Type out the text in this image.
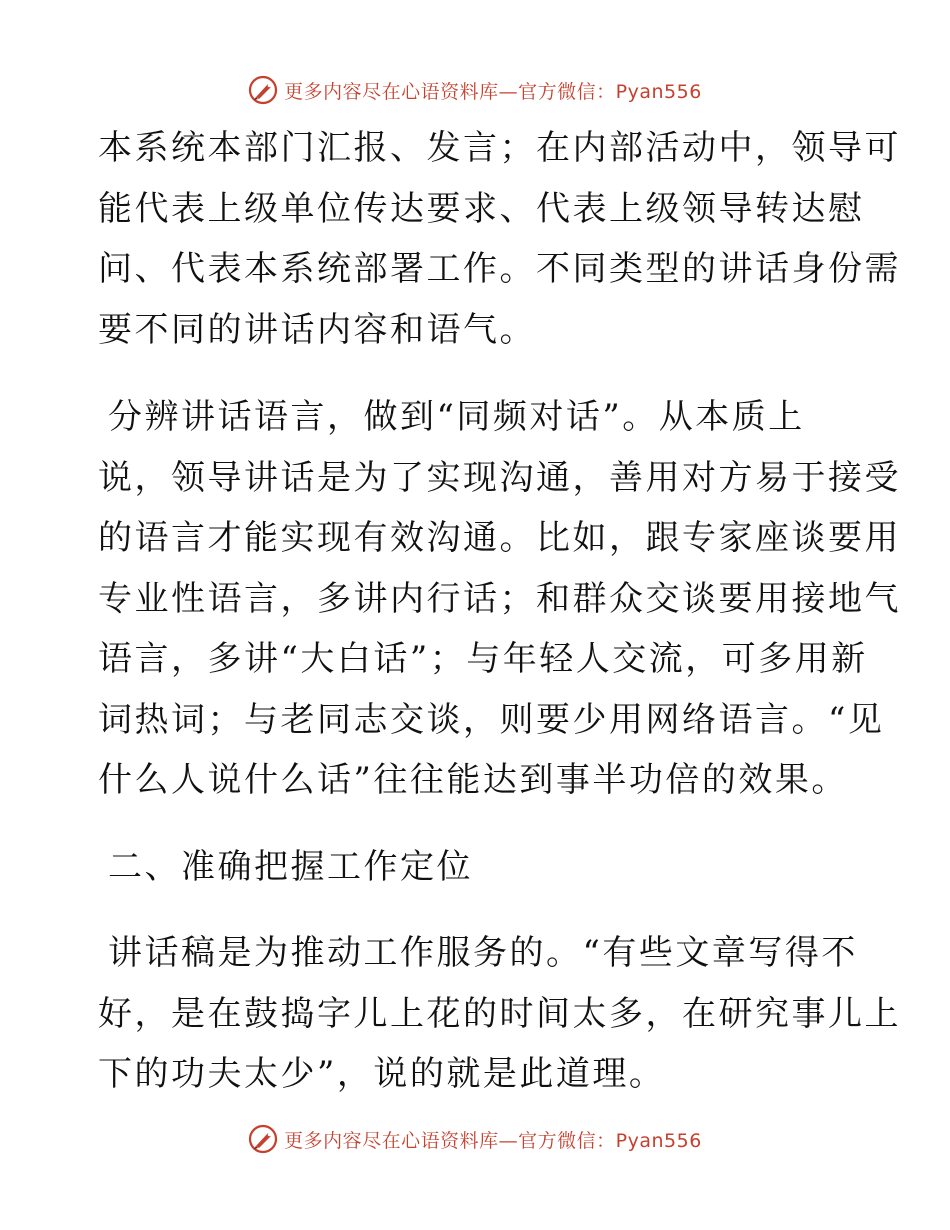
更多内容尽在心语资料库—官方微信：Pyan556
本系统本部门汇报、发言；在内部活动中，领导可
能代表上级单位传达要求、代表上级领导转达慰
问、代表本系统部署工作。不同类型的讲话身份需
要不同的讲话内容和语气。
分辨讲话语言，做到“同频对话”。从本质上
说，领导讲话是为了实现沟通，善用对方易于接受
的语言才能实现有效沟通。比如，跟专家座谈要用
专业性语言，多讲内行话；和群众交谈要用接地气
语言，多讲“大白话”；与年轻人交流，可多用新
词热词；与老同志交谈，则要少用网络语言。“见
什么人说什么话”往往能达到事半功倍的效果。
二、准确把握工作定位
讲话稿是为推动工作服务的。“有些文章写得不
好，是在鼓捣字儿上花的时间太多，在研究事儿上
下的功夫太少”，说的就是此道理。
更多内容尽在心语资料库—官方微信：Pyan556
